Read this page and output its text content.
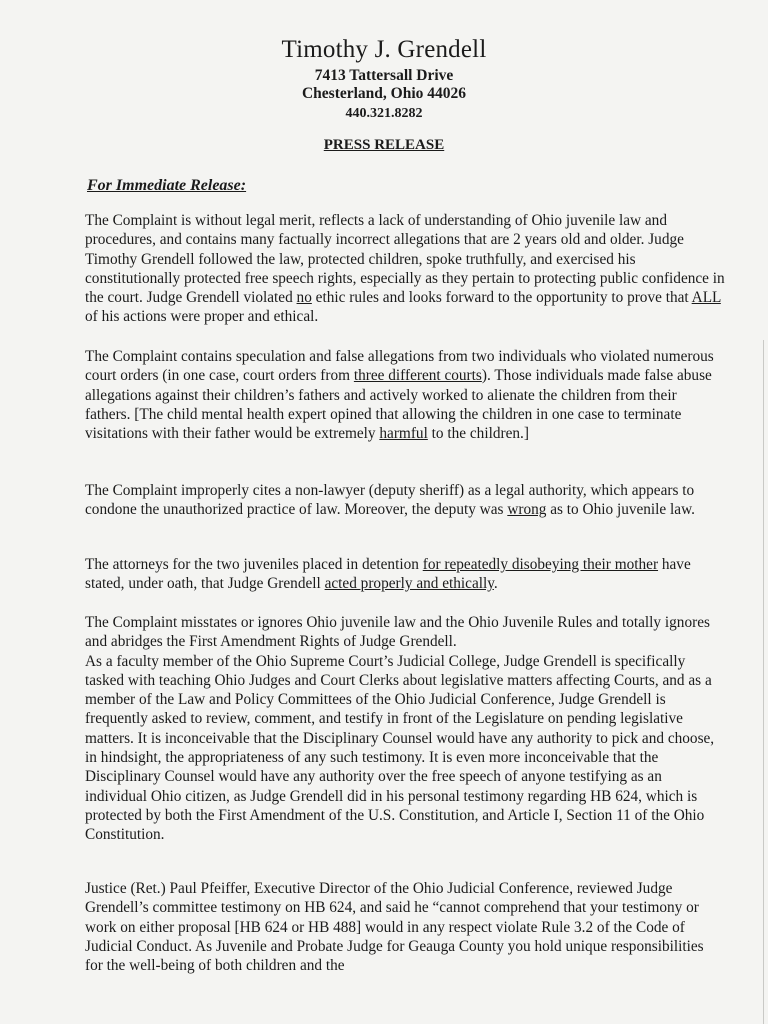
Timothy J. Grendell
7413 Tattersall Drive
Chesterland, Ohio 44026
440.321.8282
PRESS RELEASE
For Immediate Release:

The Complaint is without legal merit, reflects a lack of understanding of Ohio juvenile law and procedures, and contains many factually incorrect allegations that are 2 years old and older. Judge Timothy Grendell followed the law, protected children, spoke truthfully, and exercised his constitutionally protected free speech rights, especially as they pertain to protecting public confidence in the court. Judge Grendell violated no ethic rules and looks forward to the opportunity to prove that ALL of his actions were proper and ethical.

The Complaint contains speculation and false allegations from two individuals who violated numerous court orders (in one case, court orders from three different courts). Those individuals made false abuse allegations against their children’s fathers and actively worked to alienate the children from their fathers. [The child mental health expert opined that allowing the children in one case to terminate visitations with their father would be extremely harmful to the children.]

The Complaint improperly cites a non-lawyer (deputy sheriff) as a legal authority, which appears to condone the unauthorized practice of law. Moreover, the deputy was wrong as to Ohio juvenile law.

The attorneys for the two juveniles placed in detention for repeatedly disobeying their mother have stated, under oath, that Judge Grendell acted properly and ethically.

The Complaint misstates or ignores Ohio juvenile law and the Ohio Juvenile Rules and totally ignores and abridges the First Amendment Rights of Judge Grendell.

As a faculty member of the Ohio Supreme Court’s Judicial College, Judge Grendell is specifically tasked with teaching Ohio Judges and Court Clerks about legislative matters affecting Courts, and as a member of the Law and Policy Committees of the Ohio Judicial Conference, Judge Grendell is frequently asked to review, comment, and testify in front of the Legislature on pending legislative matters. It is inconceivable that the Disciplinary Counsel would have any authority to pick and choose, in hindsight, the appropriateness of any such testimony. It is even more inconceivable that the Disciplinary Counsel would have any authority over the free speech of anyone testifying as an individual Ohio citizen, as Judge Grendell did in his personal testimony regarding HB 624, which is protected by both the First Amendment of the U.S. Constitution, and Article I, Section 11 of the Ohio Constitution.

Justice (Ret.) Paul Pfeiffer, Executive Director of the Ohio Judicial Conference, reviewed Judge Grendell’s committee testimony on HB 624, and said he “cannot comprehend that your testimony or work on either proposal [HB 624 or HB 488] would in any respect violate Rule 3.2 of the Code of Judicial Conduct. As Juvenile and Probate Judge for Geauga County you hold unique responsibilities for the well-being of both children and the
